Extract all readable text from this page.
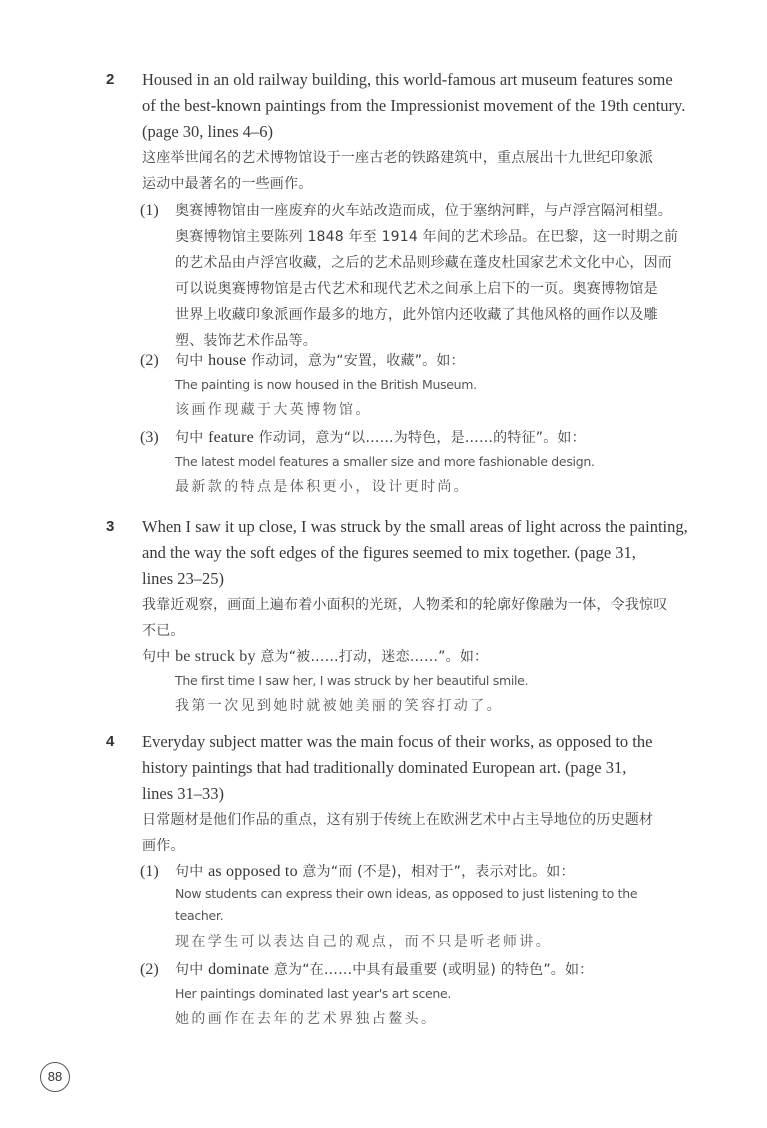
2 Housed in an old railway building, this world-famous art museum features some
of the best-known paintings from the Impressionist movement of the 19th century.
(page 30, lines 4–6)
这座举世闻名的艺术博物馆设于一座古老的铁路建筑中，重点展出十九世纪印象派
运动中最著名的一些画作。
(1) 奥赛博物馆由一座废弃的火车站改造而成，位于塞纳河畔，与卢浮宫隔河相望。
奥赛博物馆主要陈列 1848 年至 1914 年间的艺术珍品。在巴黎，这一时期之前
的艺术品由卢浮宫收藏，之后的艺术品则珍藏在蓬皮杜国家艺术文化中心，因而
可以说奥赛博物馆是古代艺术和现代艺术之间承上启下的一页。奥赛博物馆是
世界上收藏印象派画作最多的地方，此外馆内还收藏了其他风格的画作以及雕
塑、装饰艺术作品等。
(2) 句中 house 作动词，意为“安置，收藏”。如：
The painting is now housed in the British Museum.
该画作现藏于大英博物馆。
(3) 句中 feature 作动词，意为“以……为特色，是……的特征”。如：
The latest model features a smaller size and more fashionable design.
最新款的特点是体积更小，设计更时尚。
3 When I saw it up close, I was struck by the small areas of light across the painting,
and the way the soft edges of the figures seemed to mix together. (page 31,
lines 23–25)
我靠近观察，画面上遍布着小面积的光斑，人物柔和的轮廓好像融为一体，令我惊叹
不已。
句中 be struck by 意为“被……打动，迷恋……”。如：
The first time I saw her, I was struck by her beautiful smile.
我第一次见到她时就被她美丽的笑容打动了。
4 Everyday subject matter was the main focus of their works, as opposed to the
history paintings that had traditionally dominated European art. (page 31,
lines 31–33)
日常题材是他们作品的重点，这有别于传统上在欧洲艺术中占主导地位的历史题材
画作。
(1) 句中 as opposed to 意为“而 (不是)，相对于”，表示对比。如：
Now students can express their own ideas, as opposed to just listening to the
teacher.
现在学生可以表达自己的观点，而不只是听老师讲。
(2) 句中 dominate 意为“在……中具有最重要 (或明显) 的特色”。如：
Her paintings dominated last year's art scene.
她的画作在去年的艺术界独占鳌头。
88
